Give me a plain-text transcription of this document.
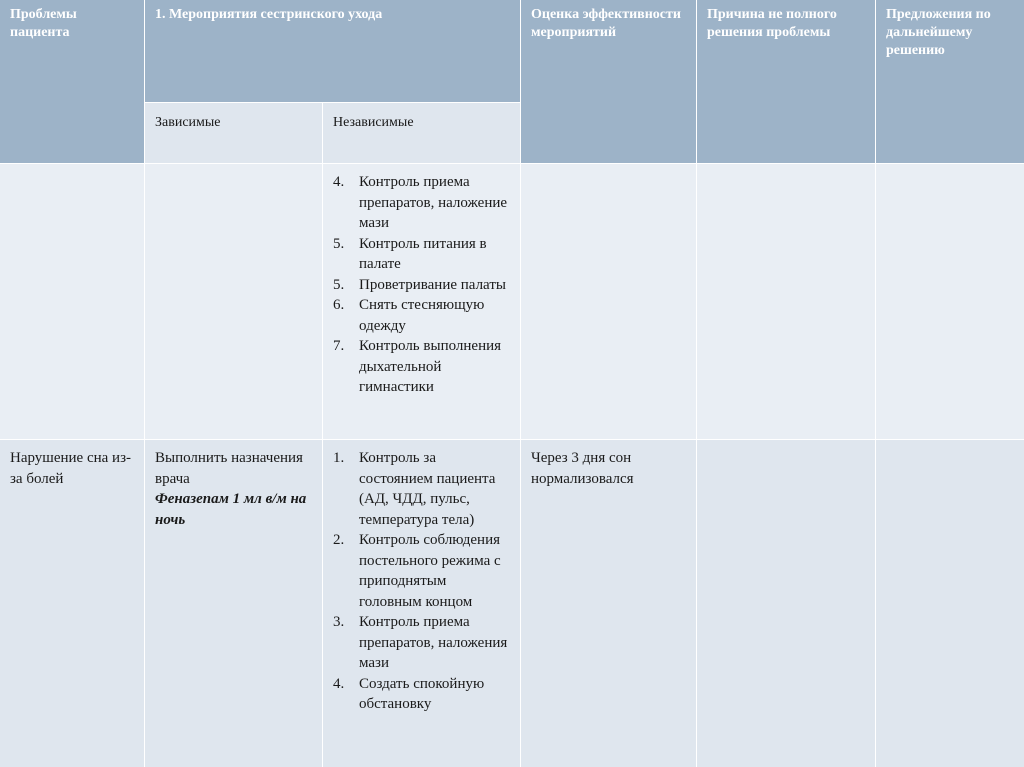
Проблемы пациента
1. Мероприятия сестринского ухода	Оценка эффективности мероприятий
Причина не полного решения проблемы
Предложения по дальнейшему решению
Зависимые	Независимые
4. Контроль приема препаратов, наложение мази
5. Контроль питания в палате
5. Проветривание палаты
6. Снять стесняющую одежду
7. Контроль выполнения дыхательной гимнастики
Нарушение сна из-за болей
Выполнить назначения врача
Феназепам 1 мл в/м на ночь
1. Контроль за состоянием пациента (АД, ЧДД, пульс, температура тела)
2. Контроль соблюдения постельного режима с приподнятым головным концом
3. Контроль приема препаратов, наложения мази
4. Создать спокойную обстановку
Через 3 дня сон нормализовался
